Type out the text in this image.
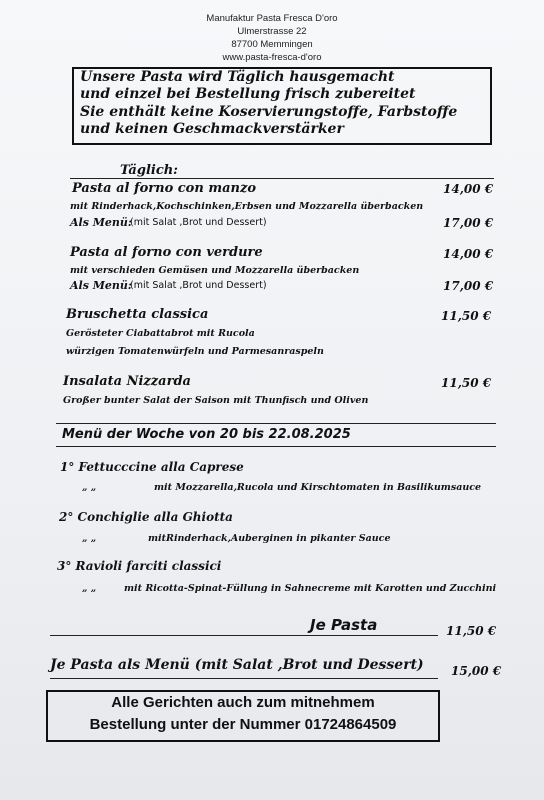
Manufaktur Pasta Fresca D'oro
Ulmerstrasse 22
87700 Memmingen
www.pasta-fresca-d'oro
Unsere Pasta wird Täglich hausgemacht
und einzel bei Bestellung frisch zubereitet
Sie enthält keine Koservierungstoffe, Farbstoffe
und keinen Geschmackverstärker
Täglich:
Pasta al forno con manzo	14,00 €
mit Rinderhack,Kochschinken,Erbsen und Mozzarella überbacken
Als Menü:
(mit Salat ,Brot und Dessert)	17,00 €
Pasta al forno con verdure	14,00 €
mit verschieden Gemüsen und Mozzarella überbacken
Als Menü:
(mit Salat ,Brot und Dessert)	17,00 €
Bruschetta classica	11,50 €
Gerösteter Ciabattabrot mit Rucola
würzigen Tomatenwürfeln und Parmesanraspeln
Insalata Nizzarda	11,50 €
Großer bunter Salat der Saison mit Thunfisch und Oliven
Menü der Woche von 20 bis 22.08.2025
1° Fettucccine alla Caprese
„ „	mit Mozzarella,Rucola und Kirschtomaten in Basilikumsauce
2° Conchiglie alla Ghiotta
„ „	mitRinderhack,Auberginen in pikanter Sauce
3° Ravioli farciti classici
„ „	mit Ricotta-Spinat-Füllung in Sahnecreme mit Karotten und Zucchini
Je Pasta	11,50 €
Je Pasta als Menü (mit Salat ,Brot und Dessert) 15,00 €
Alle Gerichten auch zum mitnehmem
Bestellung unter der Nummer 01724864509
